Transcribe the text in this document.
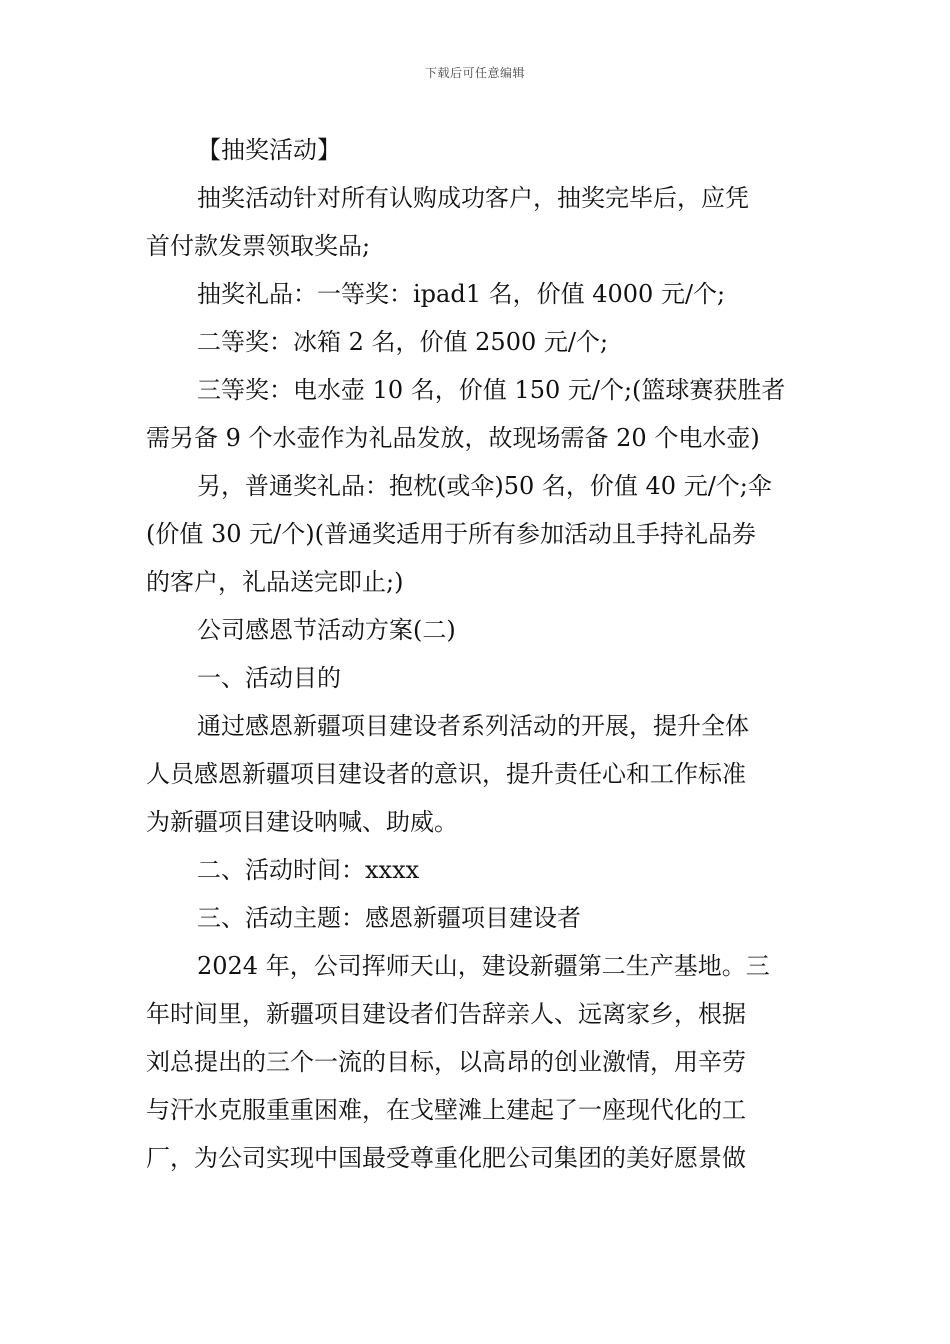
下载后可任意编辑
【抽奖活动】
抽奖活动针对所有认购成功客户，抽奖完毕后，应凭
首付款发票领取奖品;
抽奖礼品：一等奖：ipad1 名，价值 4000 元/个;
二等奖：冰箱 2 名，价值 2500 元/个;
三等奖：电水壶 10 名，价值 150 元/个;(篮球赛获胜者
需另备 9 个水壶作为礼品发放，故现场需备 20 个电水壶)
另，普通奖礼品：抱枕(或伞)50 名，价值 40 元/个;伞
(价值 30 元/个)(普通奖适用于所有参加活动且手持礼品券
的客户，礼品送完即止;)
公司感恩节活动方案(二)
一、活动目的
通过感恩新疆项目建设者系列活动的开展，提升全体
人员感恩新疆项目建设者的意识，提升责任心和工作标准
为新疆项目建设呐喊、助威。
二、活动时间：xxxx
三、活动主题：感恩新疆项目建设者
2024 年，公司挥师天山，建设新疆第二生产基地。三
年时间里，新疆项目建设者们告辞亲人、远离家乡，根据
刘总提出的三个一流的目标，以高昂的创业激情，用辛劳
与汗水克服重重困难，在戈壁滩上建起了一座现代化的工
厂，为公司实现中国最受尊重化肥公司集团的美好愿景做
